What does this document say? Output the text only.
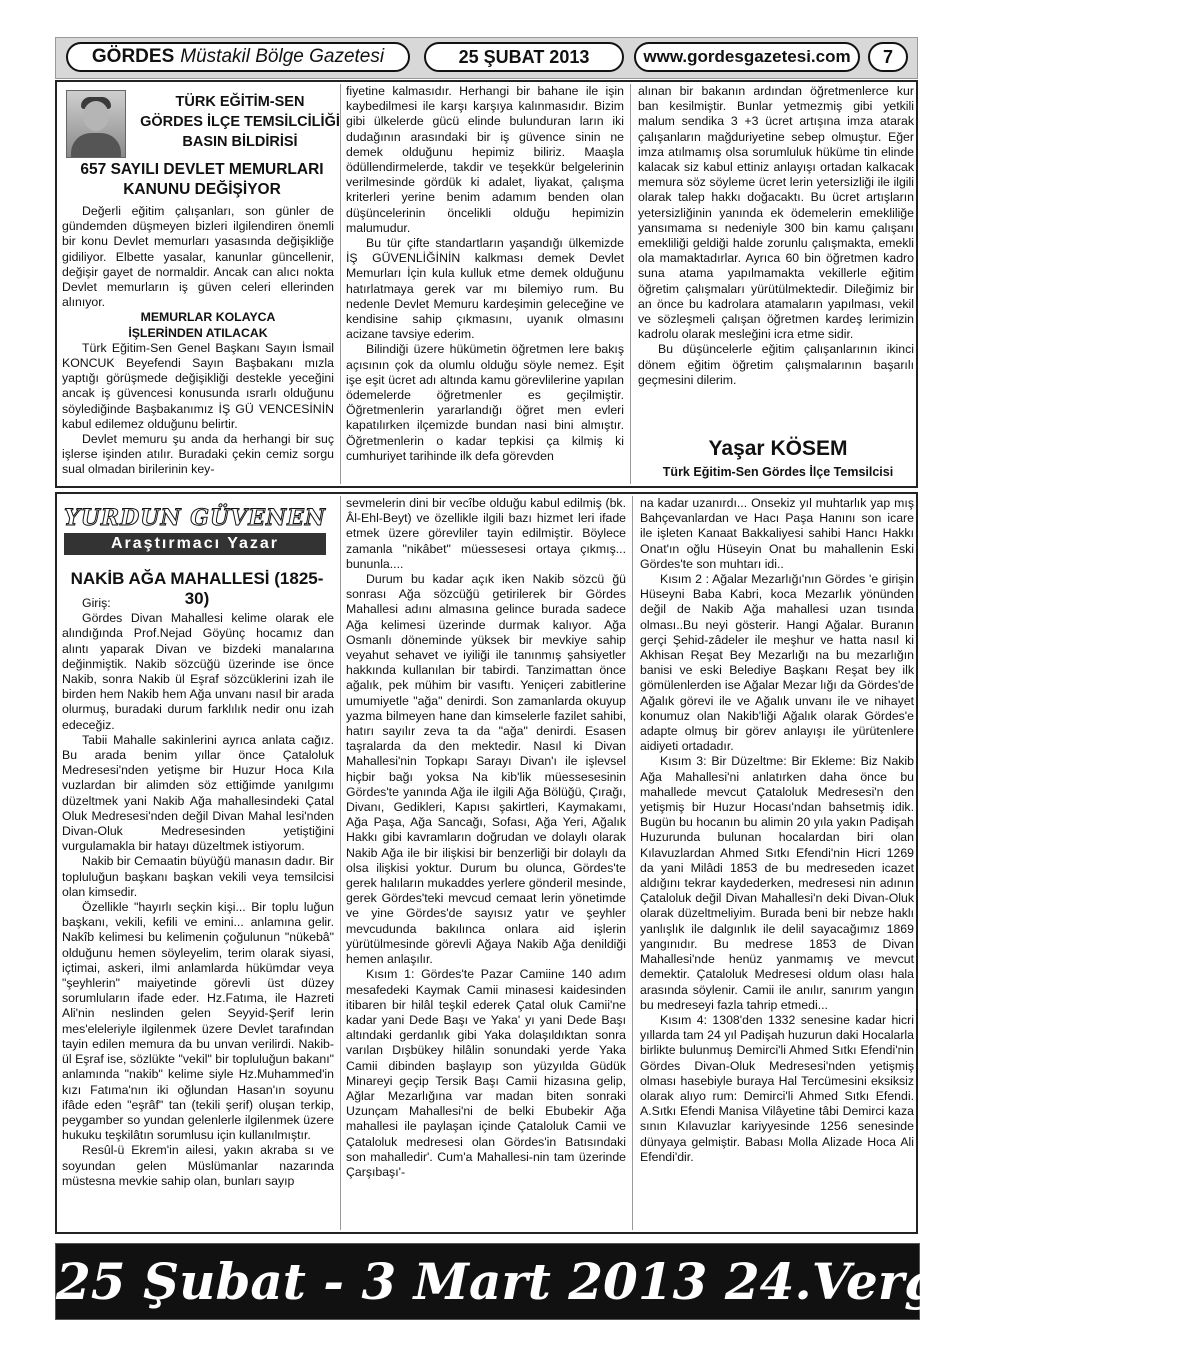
GÖRDES Müstakil Bölge Gazetesi	25 ŞUBAT 2013	www.gordesgazetesi.com	7
TÜRK EĞİTİM-SEN
GÖRDES İLÇE TEMSİLCİLİĞİ
BASIN BİLDİRİSİ
657 SAYILI DEVLET MEMURLARI
KANUNU DEĞİŞİYOR

Değerli eğitim çalışanları, son günler de gündemden düşmeyen bizleri ilgilendiren önemli bir konu Devlet memurları yasasında değişikliğe gidiliyor. Elbette yasalar, kanunlar güncellenir, değişir gayet de normaldir. Ancak can alıcı nokta Devlet memurların iş güven celeri ellerinden alınıyor.

MEMURLAR KOLAYCA
İŞLERİNDEN ATILACAK

Türk Eğitim-Sen Genel Başkanı Sayın İsmail KONCUK Beyefendi Sayın Başbakanı mızla yaptığı görüşmede değişikliği destekle yeceğini ancak iş güvencesi konusunda ısrarlı olduğunu söylediğinde Başbakanımız İŞ GÜ VENCESİNİN kabul edilemez olduğunu belirtir.

Devlet memuru şu anda da herhangi bir suç işlerse işinden atılır. Buradaki çekin cemiz sorgu sual olmadan birilerinin key-

fiyetine kalmasıdır. Herhangi bir bahane ile işin kaybedilmesi ile karşı karşıya kalınmasıdır. Bizim gibi ülkelerde gücü elinde bulunduran ların iki dudağının arasındaki bir iş güvence sinin ne demek olduğunu hepimiz biliriz. Maaşla ödüllendirmelerde, takdir ve teşekkür belgelerinin verilmesinde gördük ki adalet, liyakat, çalışma kriterleri yerine benim adamım benden olan düşüncelerinin öncelikli olduğu hepimizin malumudur.

Bu tür çifte standartların yaşandığı ülkemizde İŞ GÜVENLİĞİNİN kalkması demek Devlet Memurları İçin kula kulluk etme demek olduğunu hatırlatmaya gerek var mı bilemiyo rum. Bu nedenle Devlet Memuru kardeşimin geleceğine ve kendisine sahip çıkmasını, uyanık olmasını acizane tavsiye ederim.

Bilindiği üzere hükümetin öğretmen lere bakış açısının çok da olumlu olduğu söyle nemez. Eşit işe eşit ücret adı altında kamu görevlilerine yapılan ödemelerde öğretmenler es geçilmiştir. Öğretmenlerin yararlandığı öğret men evleri kapatılırken ilçemizde bundan nasi bini almıştır. Öğretmenlerin o kadar tepkisi ça kilmiş ki cumhuriyet tarihinde ilk defa görevden

alınan bir bakanın ardından öğretmenlerce kur ban kesilmiştir. Bunlar yetmezmiş gibi yetkili malum sendika 3 +3 ücret artışına imza atarak çalışanların mağduriyetine sebep olmuştur. Eğer imza atılmamış olsa sorumluluk hüküme tin elinde kalacak siz kabul ettiniz anlayışı ortadan kalkacak memura söz söyleme ücret lerin yetersizliği ile ilgili olarak talep hakkı doğacaktı. Bu ücret artışların yetersizliğinin yanında ek ödemelerin emekliliğe yansımama sı nedeniyle 300 bin kamu çalışanı emekliliği geldiği halde zorunlu çalışmakta, emekli ola mamaktadırlar. Ayrıca 60 bin öğretmen kadro suna atama yapılmamakta vekillerle eğitim öğretim çalışmaları yürütülmektedir. Dileğimiz bir an önce bu kadrolara atamaların yapılması, vekil ve sözleşmeli çalışan öğretmen kardeş lerimizin kadrolu olarak mesleğini icra etme sidir.

Bu düşüncelerle eğitim çalışanlarının ikinci dönem eğitim öğretim çalışmalarının başarılı geçmesini dilerim.

Yaşar KÖSEM
Türk Eğitim-Sen Gördes İlçe Temsilcisi
YURDUN GÜVENEN
Araştırmacı Yazar
NAKİB AĞA MAHALLESİ (1825-30)

Giriş:

Gördes Divan Mahallesi kelime olarak ele alındığında Prof.Nejad Göyünç hocamız dan alıntı yaparak Divan ve bizdeki manalarına değinmiştik. Nakib sözcüğü üzerinde ise önce Nakib, sonra Nakib ül Eşraf sözcüklerini izah ile birden hem Nakib hem Ağa unvanı nasıl bir arada olurmuş, buradaki durum farklılık nedir onu izah edeceğiz.

Tabii Mahalle sakinlerini ayrıca anlata cağız. Bu arada benim yıllar önce Çataloluk Medresesi'nden yetişme bir Huzur Hoca Kıla vuzlardan bir alimden söz ettiğimde yanılgımı düzeltmek yani Nakib Ağa mahallesindeki Çatal Oluk Medresesi'nden değil Divan Mahal lesi'nden Divan-Oluk Medresesinden yetiştiğini vurgulamakla bir hatayı düzeltmek istiyorum.

Nakib bir Cemaatin büyüğü manasın dadır. Bir topluluğun başkanı başkan vekili veya temsilcisi olan kimsedir.

Özellikle "hayırlı seçkin kişi... Bir toplu luğun başkanı, vekili, kefili ve emini... anlamına gelir. Nakîb kelimesi bu kelimenin çoğulunun "nükebâ" olduğunu hemen söyleyelim, terim olarak siyasi, içtimai, askeri, ilmi anlamlarda hükümdar veya "şeyhlerin" maiyetinde görevli üst düzey sorumluların ifade eder. Hz.Fatıma, ile Hazreti Ali'nin neslinden gelen Seyyid-Şerif lerin mes'eleleriyle ilgilenmek üzere Devlet tarafından tayin edilen memura da bu unvan verilirdi. Nakib-ül Eşraf ise, sözlükte "vekil" bir topluluğun bakanı" anlamında "nakib" kelime siyle Hz.Muhammed'in kızı Fatıma'nın iki oğlundan Hasan'ın soyunu ifâde eden "eşrâf" tan (tekili şerif) oluşan terkip, peygamber so yundan gelenlerle ilgilenmek üzere hukuku teşkilâtın sorumlusu için kullanılmıştır.

Resûl-ü Ekrem'in ailesi, yakın akraba sı ve soyundan gelen Müslümanlar nazarında müstesna mevkie sahip olan, bunları sayıp

sevmelerin dini bir vecîbe olduğu kabul edilmiş (bk. Âl-Ehl-Beyt) ve özellikle ilgili bazı hizmet leri ifade etmek üzere görevliler tayin edilmiştir. Böylece zamanla "nikâbet" müessesesi ortaya çıkmış... bununla....

Durum bu kadar açık iken Nakib sözcü ğü sonrası Ağa sözcüğü getirilerek bir Gördes Mahallesi adını almasına gelince burada sadece Ağa kelimesi üzerinde durmak kalıyor. Ağa Osmanlı döneminde yüksek bir mevkiye sahip veyahut sehavet ve iyiliği ile tanınmış şahsiyetler hakkında kullanılan bir tabirdi. Tanzimattan önce ağalık, pek mühim bir vasıftı. Yeniçeri zabitlerine umumiyetle "ağa" denirdi. Son zamanlarda okuyup yazma bilmeyen hane dan kimselerle fazilet sahibi, hatırı sayılır zeva ta da "ağa" denirdi. Esasen taşralarda da den mektedir. Nasıl ki Divan Mahallesi'nin Topkapı Sarayı Divan'ı ile işlevsel hiçbir bağı yoksa Na kib'lik müessesesinin Gördes'te yanında Ağa ile ilgili Ağa Bölüğü, Çırağı, Divanı, Gedikleri, Kapısı şakirtleri, Kaymakamı, Ağa Paşa, Ağa Sancağı, Sofası, Ağa Yeri, Ağalık Hakkı gibi kavramların doğrudan ve dolaylı olarak Nakib Ağa ile bir ilişkisi bir benzerliği bir dolaylı da olsa ilişkisi yoktur. Durum bu olunca, Gördes'te gerek halıların mukaddes yerlere gönderil mesinde, gerek Gördes'teki mevcud cemaat lerin yönetimde ve yine Gördes'de sayısız yatır ve şeyhler mevcudunda bakılınca onlara aid işlerin yürütülmesinde görevli Ağaya Nakib Ağa denildiği hemen anlaşılır.

Kısım 1: Gördes'te Pazar Camiine 140 adım mesafedeki Kaymak Camii minasesi kaidesinden itibaren bir hilâl teşkil ederek Çatal oluk Camii'ne kadar yani Dede Başı ve Yaka' yı yani Dede Başı altındaki gerdanlık gibi Yaka dolaşıldıktan sonra varılan Dışbükey hilâlin sonundaki yerde Yaka Camii dibinden başlayıp son yüzyılda Güdük Minareyi geçip Tersik Başı Camii hizasına gelip, Ağlar Mezarlığına var madan biten sonraki Uzunçam Mahallesi'ni de belki Ebubekir Ağa mahallesi ile paylaşan içinde Çataloluk Camii ve Çataloluk medresesi olan Gördes'in Batısındaki son mahalledir'. Cum'a Mahallesi-nin tam üzerinde Çarşıbaşı'-

na kadar uzanırdı... Onsekiz yıl muhtarlık yap mış Bahçevanlardan ve Hacı Paşa Hanını son icare ile işleten Kanaat Bakkaliyesi sahibi Hancı Hakkı Onat'ın oğlu Hüseyin Onat bu mahallenin Eski Gördes'te son muhtarı idi..

Kısım 2 : Ağalar Mezarlığı'nın Gördes 'e girişin Hüseyni Baba Kabri, koca Mezarlık yönünden değil de Nakib Ağa mahallesi uzan tısında olması..Bu neyi gösterir. Hangi Ağalar. Buranın gerçi Şehid-zâdeler ile meşhur ve hatta nasıl ki Akhisan Reşat Bey Mezarlığı na bu mezarlığın banisi ve eski Belediye Başkanı Reşat bey ilk gömülenlerden ise Ağalar Mezar lığı da Gördes'de Ağalık görevi ile ve Ağalık unvanı ile ve nihayet konumuz olan Nakib'liği Ağalık olarak Gördes'e adapte olmuş bir görev anlayışı ile yürütenlere aidiyeti ortadadır.

Kısım 3: Bir Düzeltme: Bir Ekleme: Biz Nakib Ağa Mahallesi'ni anlatırken daha önce bu mahallede mevcut Çataloluk Medresesi'n den yetişmiş bir Huzur Hocası'ndan bahsetmiş idik. Bugün bu hocanın bu alimin 20 yıla yakın Padişah Huzurunda bulunan hocalardan biri olan Kılavuzlardan Ahmed Sıtkı Efendi'nin Hicri 1269 da yani Milâdi 1853 de bu medreseden icazet aldığını tekrar kaydederken, medresesi nin adının Çataloluk değil Divan Mahallesi'n deki Divan-Oluk olarak düzeltmeliyim. Burada beni bir nebze haklı yanlışlık ile dalgınlık ile delil sayacağımız 1869 yangınıdır. Bu medrese 1853 de Divan Mahallesi'nde henüz yanmamış ve mevcut demektir. Çataloluk Medresesi oldum olası hala arasında söylenir. Camii ile anılır, sanırım yangın bu medreseyi fazla tahrip etmedi...

Kısım 4: 1308'den 1332 senesine kadar hicri yıllarda tam 24 yıl Padişah huzurun daki Hocalarla birlikte bulunmuş Demirci'li Ahmed Sıtkı Efendi'nin Gördes Divan-Oluk Medresesi'nden yetişmiş olması hasebiyle buraya Hal Tercümesini eksiksiz olarak alıyo rum: Demirci'li Ahmed Sıtkı Efendi. A.Sıtkı Efendi Manisa Vilâyetine tâbi Demirci kaza sının Kılavuzlar kariyyesinde 1256 senesinde dünyaya gelmiştir. Babası Molla Alizade Hoca Ali Efendi'dir.

25 Şubat - 3 Mart 2013 24.Vergi Haftası
